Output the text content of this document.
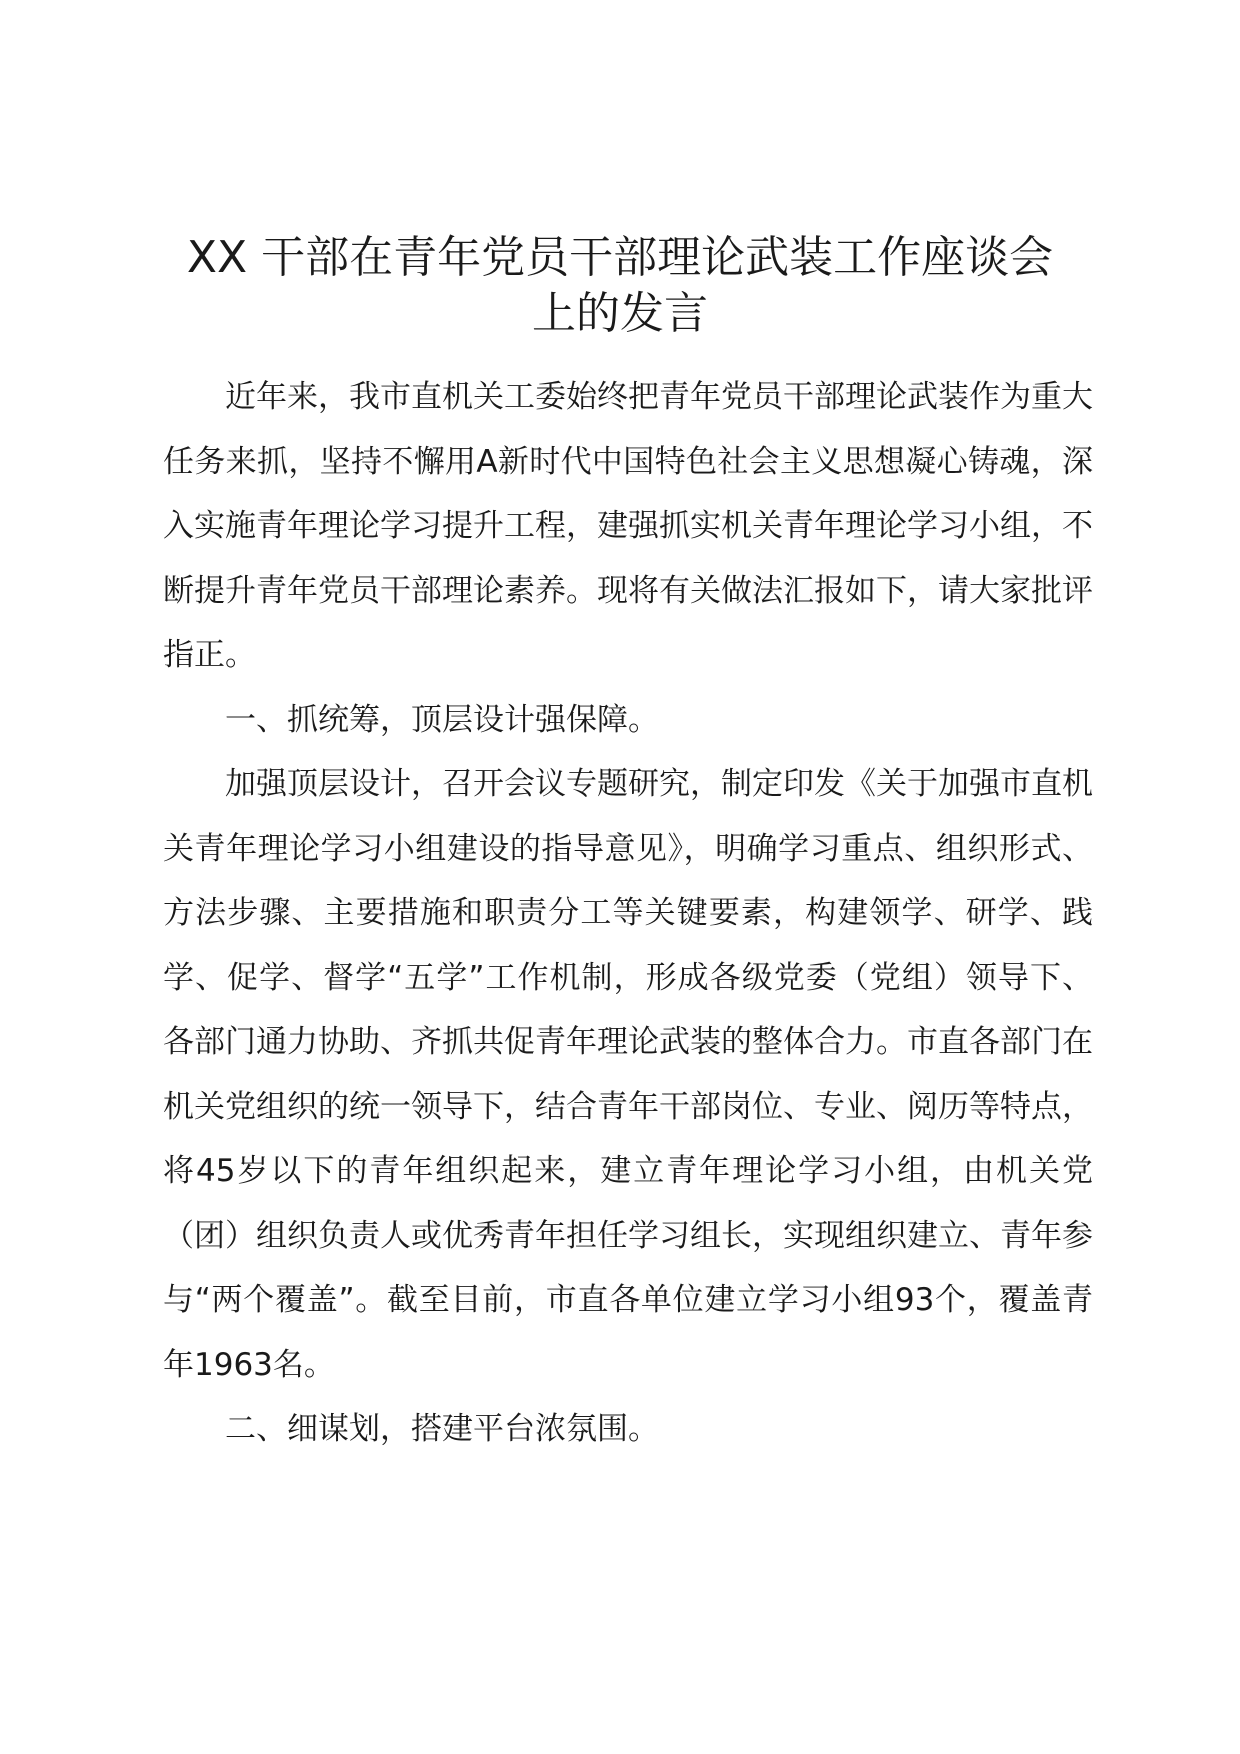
XX 干部在青年党员干部理论武装工作座谈会
上的发言

近年来，我市直机关工委始终把青年党员干部理论武装作为重大任务来抓，坚持不懈用A新时代中国特色社会主义思想凝心铸魂，深入实施青年理论学习提升工程，建强抓实机关青年理论学习小组，不断提升青年党员干部理论素养。现将有关做法汇报如下，请大家批评指正。

一、抓统筹，顶层设计强保障。

加强顶层设计，召开会议专题研究，制定印发《关于加强市直机关青年理论学习小组建设的指导意见》，明确学习重点、组织形式、方法步骤、主要措施和职责分工等关键要素，构建领学、研学、践学、促学、督学“五学”工作机制，形成各级党委（党组）领导下、各部门通力协助、齐抓共促青年理论武装的整体合力。市直各部门在机关党组织的统一领导下，结合青年干部岗位、专业、阅历等特点，将45岁以下的青年组织起来，建立青年理论学习小组，由机关党（团）组织负责人或优秀青年担任学习组长，实现组织建立、青年参与“两个覆盖”。截至目前，市直各单位建立学习小组93个，覆盖青年1963名。

二、细谋划，搭建平台浓氛围。
